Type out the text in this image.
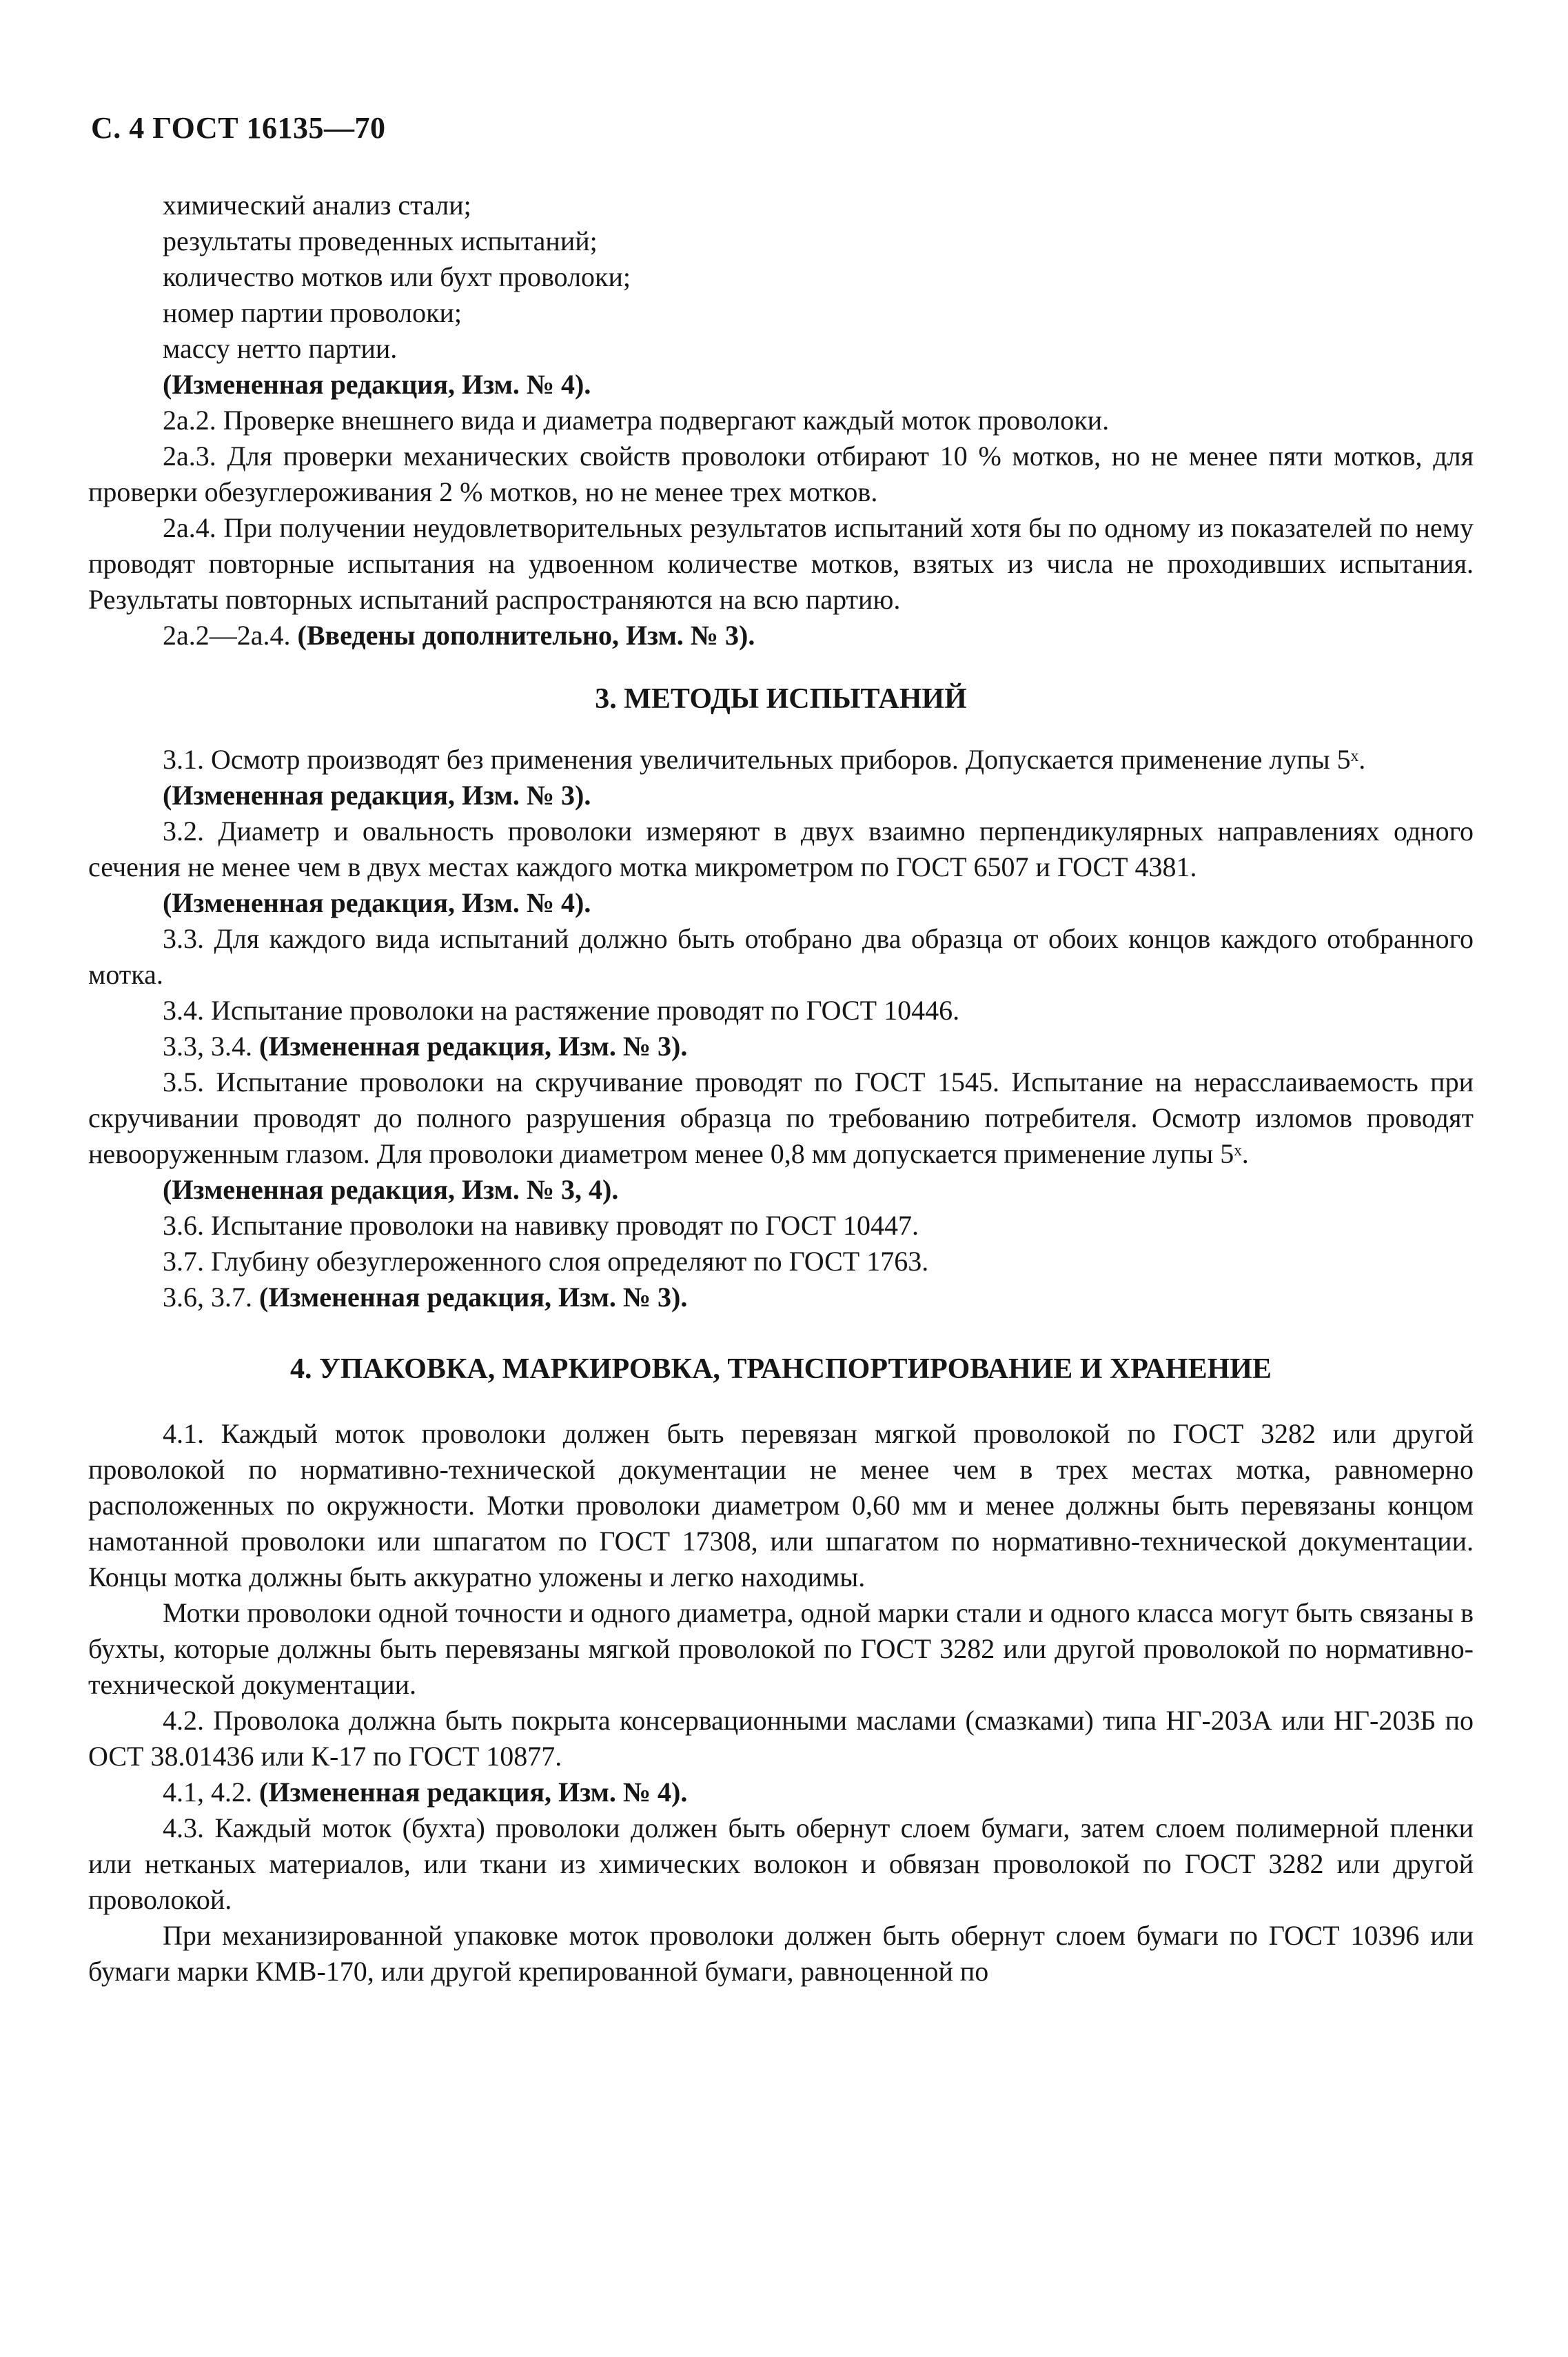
С. 4 ГОСТ 16135—70

химический анализ стали;

результаты проведенных испытаний;

количество мотков или бухт проволоки;

номер партии проволоки;

массу нетто партии.

(Измененная редакция, Изм. № 4).

2а.2. Проверке внешнего вида и диаметра подвергают каждый моток проволоки.

2а.3. Для проверки механических свойств проволоки отбирают 10 % мотков, но не менее пяти мотков, для проверки обезуглероживания 2 % мотков, но не менее трех мотков.

2а.4. При получении неудовлетворительных результатов испытаний хотя бы по одному из показателей по нему проводят повторные испытания на удвоенном количестве мотков, взятых из числа не проходивших испытания. Результаты повторных испытаний распространяются на всю партию.

2а.2—2а.4. (Введены дополнительно, Изм. № 3).

3. МЕТОДЫ ИСПЫТАНИЙ

3.1. Осмотр производят без применения увеличительных приборов. Допускается применение лупы 5ˣ.

(Измененная редакция, Изм. № 3).

3.2. Диаметр и овальность проволоки измеряют в двух взаимно перпендикулярных направлениях одного сечения не менее чем в двух местах каждого мотка микрометром по ГОСТ 6507 и ГОСТ 4381.

(Измененная редакция, Изм. № 4).

3.3. Для каждого вида испытаний должно быть отобрано два образца от обоих концов каждого отобранного мотка.

3.4. Испытание проволоки на растяжение проводят по ГОСТ 10446.

3.3, 3.4. (Измененная редакция, Изм. № 3).

3.5. Испытание проволоки на скручивание проводят по ГОСТ 1545. Испытание на нерасслаиваемость при скручивании проводят до полного разрушения образца по требованию потребителя. Осмотр изломов проводят невооруженным глазом. Для проволоки диаметром менее 0,8 мм допускается применение лупы 5ˣ.

(Измененная редакция, Изм. № 3, 4).

3.6. Испытание проволоки на навивку проводят по ГОСТ 10447.

3.7. Глубину обезуглероженного слоя определяют по ГОСТ 1763.

3.6, 3.7. (Измененная редакция, Изм. № 3).

4. УПАКОВКА, МАРКИРОВКА, ТРАНСПОРТИРОВАНИЕ И ХРАНЕНИЕ

4.1. Каждый моток проволоки должен быть перевязан мягкой проволокой по ГОСТ 3282 или другой проволокой по нормативно-технической документации не менее чем в трех местах мотка, равномерно расположенных по окружности. Мотки проволоки диаметром 0,60 мм и менее должны быть перевязаны концом намотанной проволоки или шпагатом по ГОСТ 17308, или шпагатом по нормативно-технической документации. Концы мотка должны быть аккуратно уложены и легко находимы.

Мотки проволоки одной точности и одного диаметра, одной марки стали и одного класса могут быть связаны в бухты, которые должны быть перевязаны мягкой проволокой по ГОСТ 3282 или другой проволокой по нормативно-технической документации.

4.2. Проволока должна быть покрыта консервационными маслами (смазками) типа НГ-203А или НГ-203Б по ОСТ 38.01436 или К-17 по ГОСТ 10877.

4.1, 4.2. (Измененная редакция, Изм. № 4).

4.3. Каждый моток (бухта) проволоки должен быть обернут слоем бумаги, затем слоем полимерной пленки или нетканых материалов, или ткани из химических волокон и обвязан проволокой по ГОСТ 3282 или другой проволокой.

При механизированной упаковке моток проволоки должен быть обернут слоем бумаги по ГОСТ 10396 или бумаги марки КМВ-170, или другой крепированной бумаги, равноценной по
